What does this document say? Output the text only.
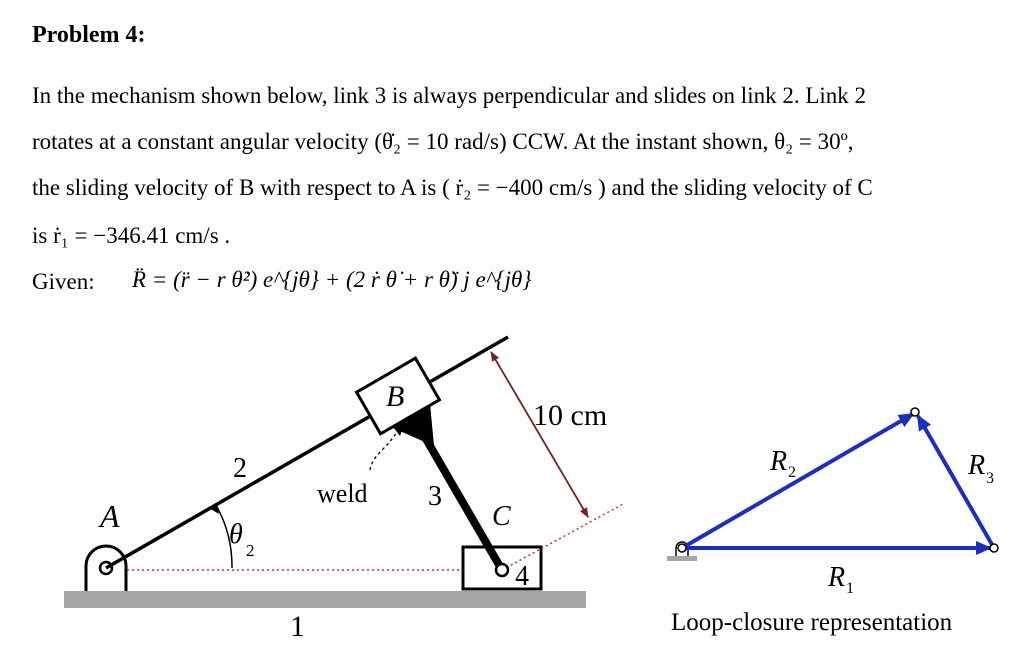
Problem 4:
In the mechanism shown below, link 3 is always perpendicular and slides on link 2. Link 2
rotates at a constant angular velocity (θ̇₂ = 10 rad/s) CCW. At the instant shown, θ₂ = 30º,
the sliding velocity of B with respect to A is ( ṙ₂ = −400 cm/s ) and the sliding velocity of C
is ṙ₁ = −346.41 cm/s .
Given: R̈ = (r̈ − r θ̇²) e^{jθ} + (2 ṙ θ̇ + r θ̈) j e^{jθ}
A
B
C
1
2
3
4
θ
2
weld
10 cm
R 1
R 2	R 3
Loop-closure representation
